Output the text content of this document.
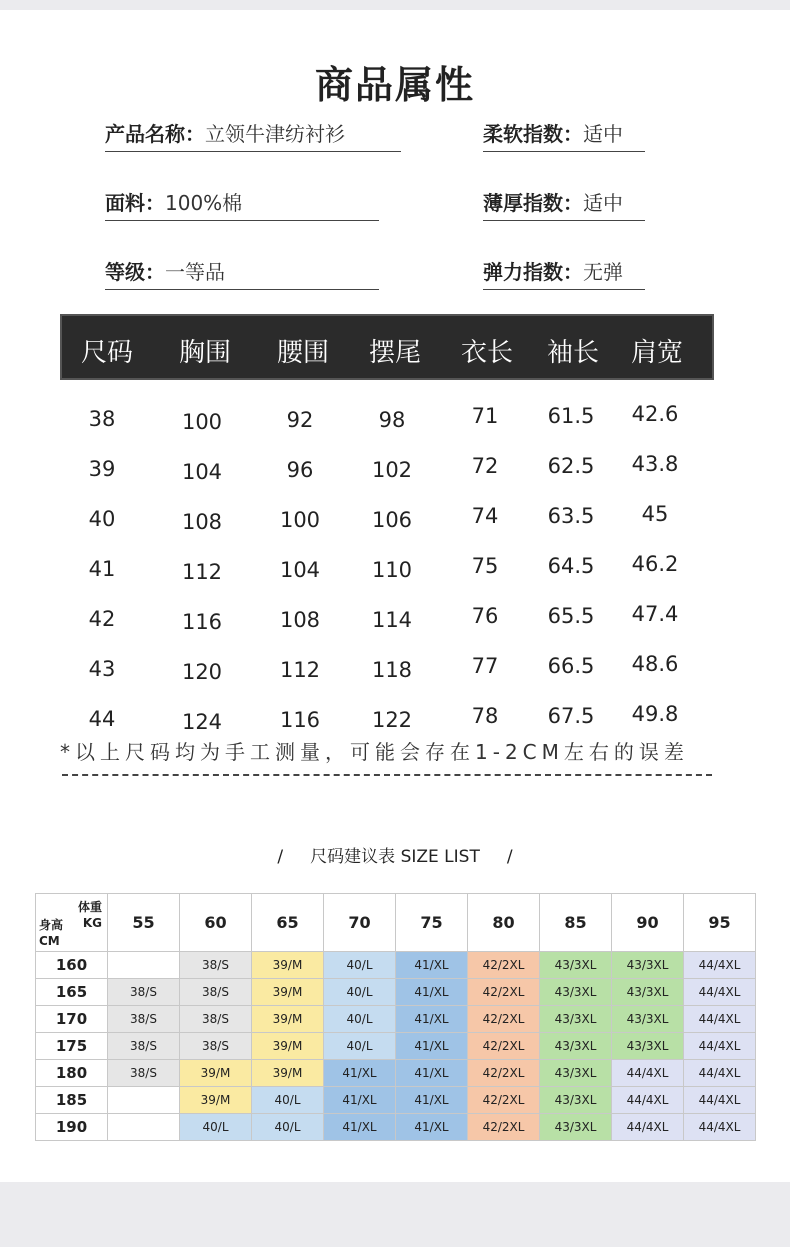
商品属性
产品名称：立领牛津纺衬衫	柔软指数：适中
面料：100%棉	薄厚指数：适中
等级：一等品	弹力指数：无弹
尺码 胸围 腰围 摆尾 衣长 袖长 肩宽
38	100	92	98	71 61.5 42.6
39	104	96	102	72 62.5 43.8
40	108	100 106	74 63.5 45
41	112	104 110	75 64.5 46.2
42	116	108 114	76 65.5 47.4
43	120	112 118	77 66.5 48.6
44	124	116 122	78 67.5 49.8
*以上尺码均为手工测量，可能会存在1-2CM左右的误差
/     尺码建议表 SIZE LIST     /
体重
身高 KG
CM	55	60	65	70	75	80	85	90	95
160		38/S	39/M	40/L	41/XL	42/2XL	43/3XL	43/3XL	44/4XL
165	38/S	38/S	39/M	40/L	41/XL	42/2XL	43/3XL	43/3XL	44/4XL
170	38/S	38/S	39/M	40/L	41/XL	42/2XL	43/3XL	43/3XL	44/4XL
175	38/S	38/S	39/M	40/L	41/XL	42/2XL	43/3XL	43/3XL	44/4XL
180	38/S	39/M	39/M	41/XL	41/XL	42/2XL	43/3XL	44/4XL	44/4XL
185		39/M	40/L	41/XL	41/XL	42/2XL	43/3XL	44/4XL	44/4XL
190		40/L	40/L	41/XL	41/XL	42/2XL	43/3XL	44/4XL	44/4XL
